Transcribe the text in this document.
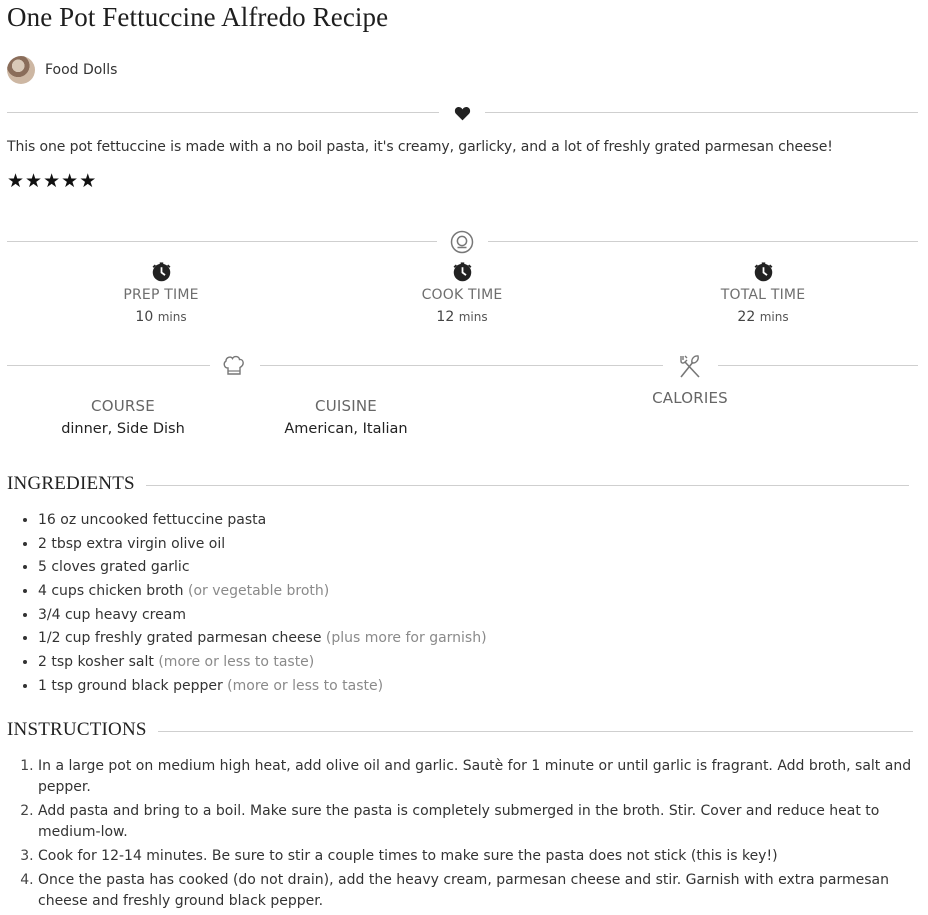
One Pot Fettuccine Alfredo Recipe
Food Dolls

This one pot fettuccine is made with a no boil pasta, it's creamy, garlicky, and a lot of freshly grated parmesan cheese!

★ ★ ★ ★ ★
PREP TIME
10 mins
COOK TIME
12 mins
TOTAL TIME
22 mins
COURSE
dinner, Side Dish
CUISINE
American, Italian
CALORIES
INGREDIENTS
• 16 oz uncooked fettuccine pasta
• 2 tbsp extra virgin olive oil
• 5 cloves grated garlic
• 4 cups chicken broth (or vegetable broth)
• 3/4 cup heavy cream
• 1/2 cup freshly grated parmesan cheese (plus more for garnish)
• 2 tsp kosher salt (more or less to taste)
• 1 tsp ground black pepper (more or less to taste)
INSTRUCTIONS
1. In a large pot on medium high heat, add olive oil and garlic. Sautè for 1 minute or until garlic is fragrant. Add broth, salt and pepper.
2. Add pasta and bring to a boil. Make sure the pasta is completely submerged in the broth. Stir. Cover and reduce heat to medium-low.
3. Cook for 12-14 minutes. Be sure to stir a couple times to make sure the pasta does not stick (this is key!)
4. Once the pasta has cooked (do not drain), add the heavy cream, parmesan cheese and stir. Garnish with extra parmesan cheese and freshly ground black pepper.
